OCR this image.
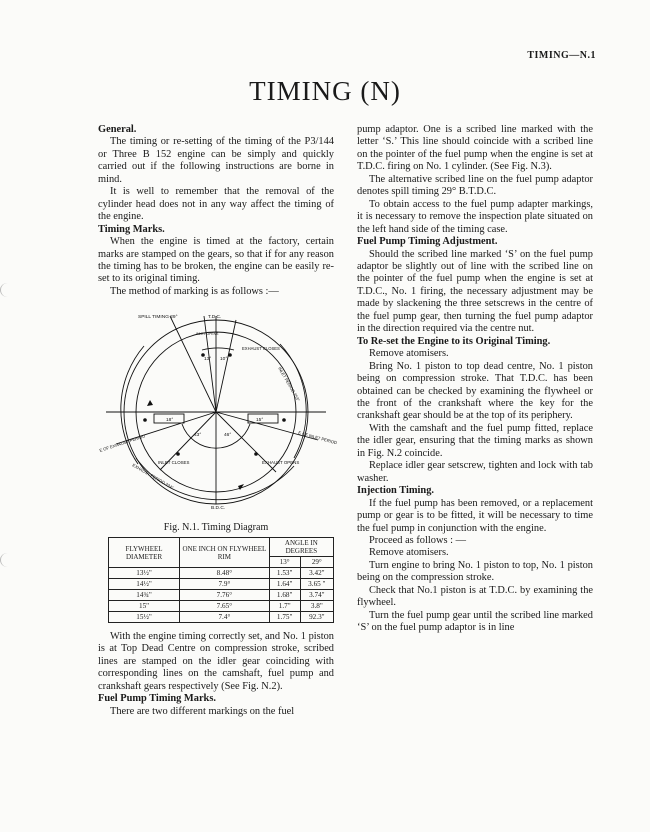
TIMING—N.1
TIMING (N)
General.

The timing or re-setting of the timing of the P3/144 or Three B 152 engine can be simply and quickly carried out if the following instructions are borne in mind.

It is well to remember that the removal of the cylinder head does not in any way affect the timing of the engine.

Timing Marks.

When the engine is timed at the factory, certain marks are stamped on the gears, so that if for any reason the timing has to be broken, the engine can be easily re-set to its original timing.

The method of marking is as follows :—

SPILL TIMING 29°	T.D.C.
B.D.C.
INLET OPENS
EXHAUST CLOSES
INLET PERIOD 253°
E OF EXHAUST PERIOD	E OF INLET PERIOD
INLET CLOSES	EXHAUST OPENS
EXHAUST PERIOD 224°
13° 10°
18°	15°
43°	46°
Fig. N.1. Timing Diagram
FLYWHEEL DIAMETER	ONE INCH ON FLYWHEEL RIM	ANGLE IN DEGREES	
		13°	29°
13½"	8.48°	1.53"	3.42"
14½"	7.9°	1.64"	3.65 "
14¾"	7.76°	1.68"	3.74"
15"	7.65°	1.7"	3.8"
15½"	7.4°	1.75"	92.3"

With the engine timing correctly set, and No. 1 piston is at Top Dead Centre on compression stroke, scribed lines are stamped on the idler gear coinciding with corresponding lines on the camshaft, fuel pump and crankshaft gears respectively (See Fig. N.2).

Fuel Pump Timing Marks.

There are two different markings on the fuel

pump adaptor. One is a scribed line marked with the letter ‘S.’ This line should coincide with a scribed line on the pointer of the fuel pump when the engine is set at T.D.C. firing on No. 1 cylinder. (See Fig. N.3).

The alternative scribed line on the fuel pump adaptor denotes spill timing 29° B.T.D.C.

To obtain access to the fuel pump adapter markings, it is necessary to remove the inspection plate situated on the left hand side of the timing case.

Fuel Pump Timing Adjustment.

Should the scribed line marked ‘S’ on the fuel pump adaptor be slightly out of line with the scribed line on the pointer of the fuel pump when the engine is set at T.D.C., No. 1 firing, the necessary adjustment may be made by slackening the three setscrews in the centre of the fuel pump gear, then turning the fuel pump adaptor in the direction required via the centre nut.

To Re-set the Engine to its Original Timing.

Remove atomisers.

Bring No. 1 piston to top dead centre, No. 1 piston being on compression stroke. That T.D.C. has been obtained can be checked by examining the flywheel or the front of the crankshaft where the key for the crankshaft gear should be at the top of its periphery.

With the camshaft and the fuel pump fitted, replace the idler gear, ensuring that the timing marks as shown in Fig. N.2 coincide.

Replace idler gear setscrew, tighten and lock with tab washer.

Injection Timing.

If the fuel pump has been removed, or a replacement pump or gear is to be fitted, it will be necessary to time the fuel pump in conjunction with the engine.

Proceed as follows : —

Remove atomisers.

Turn engine to bring No. 1 piston to top, No. 1 piston being on the compression stroke.

Check that No.1 piston is at T.D.C. by examining the flywheel.

Turn the fuel pump gear until the scribed line marked ‘S’ on the fuel pump adaptor is in line
